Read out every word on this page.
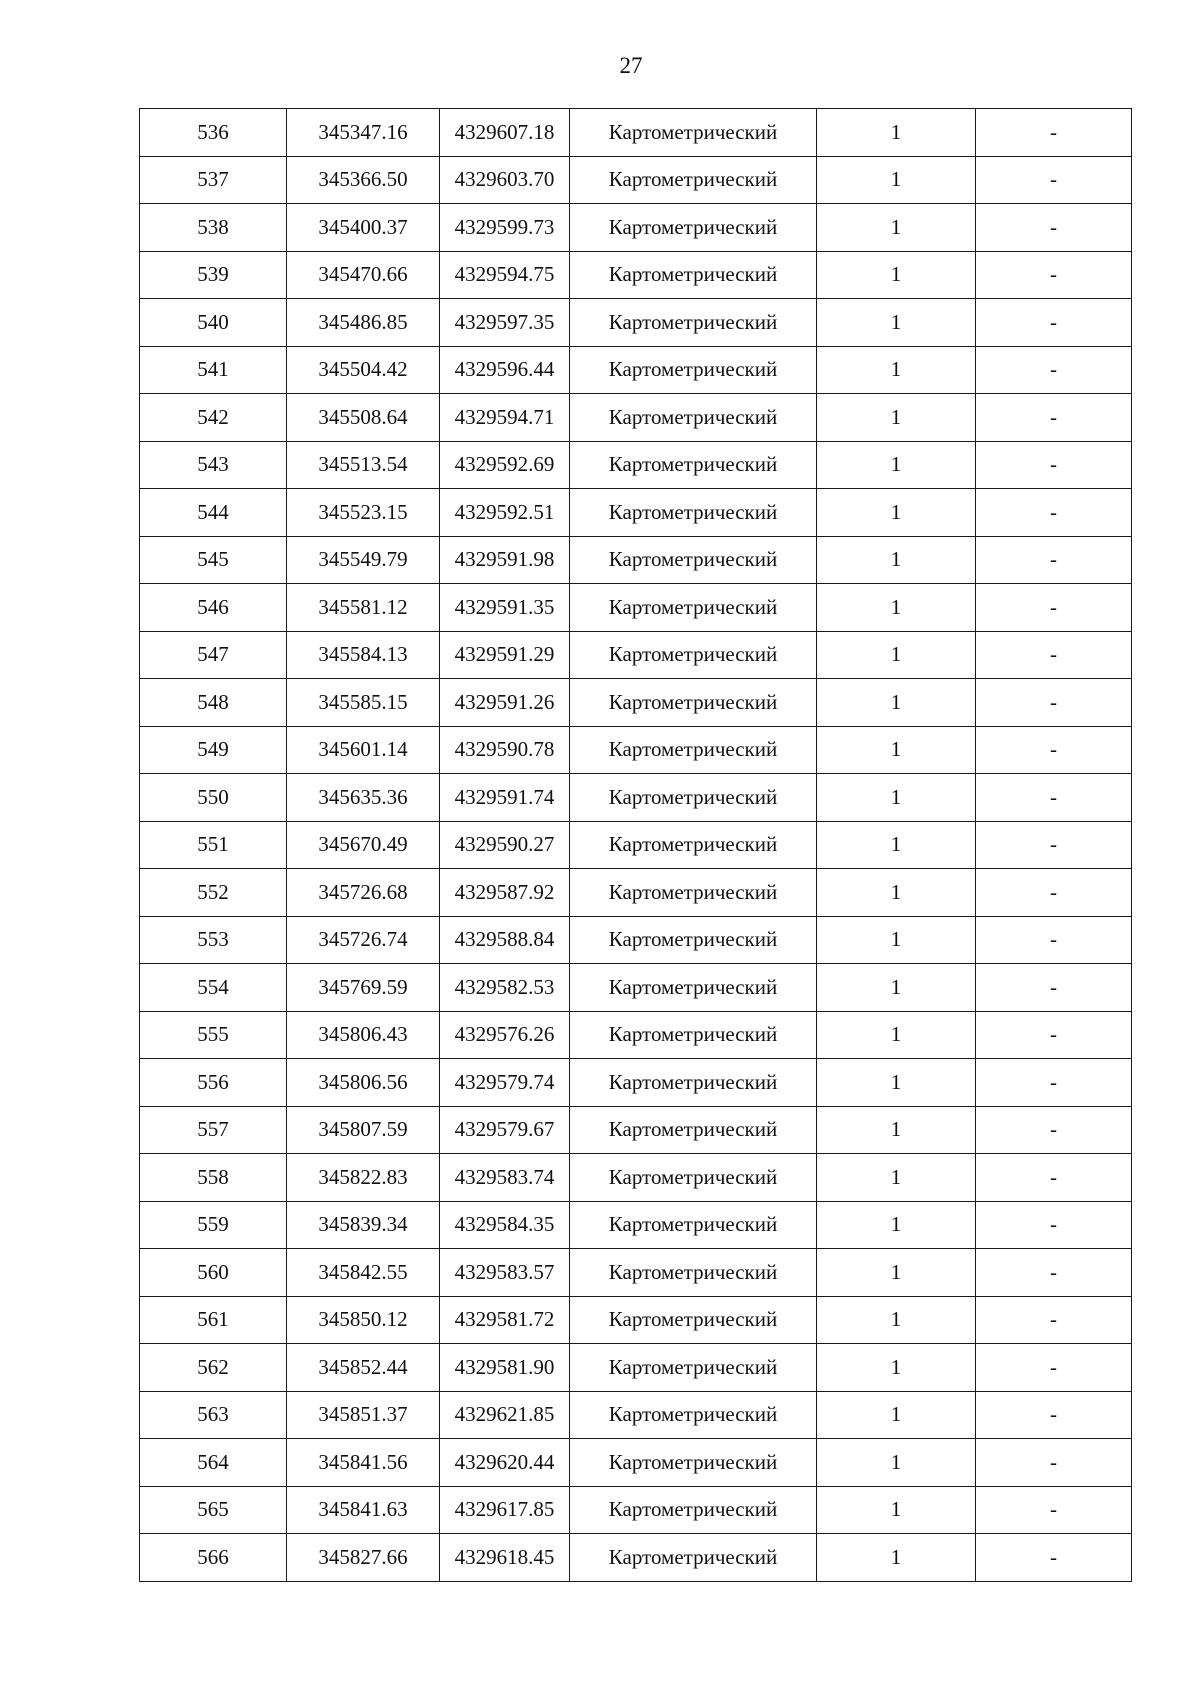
27
536	345347.16	4329607.18	Картометрический	1	-
537	345366.50	4329603.70	Картометрический	1	-
538	345400.37	4329599.73	Картометрический	1	-
539	345470.66	4329594.75	Картометрический	1	-
540	345486.85	4329597.35	Картометрический	1	-
541	345504.42	4329596.44	Картометрический	1	-
542	345508.64	4329594.71	Картометрический	1	-
543	345513.54	4329592.69	Картометрический	1	-
544	345523.15	4329592.51	Картометрический	1	-
545	345549.79	4329591.98	Картометрический	1	-
546	345581.12	4329591.35	Картометрический	1	-
547	345584.13	4329591.29	Картометрический	1	-
548	345585.15	4329591.26	Картометрический	1	-
549	345601.14	4329590.78	Картометрический	1	-
550	345635.36	4329591.74	Картометрический	1	-
551	345670.49	4329590.27	Картометрический	1	-
552	345726.68	4329587.92	Картометрический	1	-
553	345726.74	4329588.84	Картометрический	1	-
554	345769.59	4329582.53	Картометрический	1	-
555	345806.43	4329576.26	Картометрический	1	-
556	345806.56	4329579.74	Картометрический	1	-
557	345807.59	4329579.67	Картометрический	1	-
558	345822.83	4329583.74	Картометрический	1	-
559	345839.34	4329584.35	Картометрический	1	-
560	345842.55	4329583.57	Картометрический	1	-
561	345850.12	4329581.72	Картометрический	1	-
562	345852.44	4329581.90	Картометрический	1	-
563	345851.37	4329621.85	Картометрический	1	-
564	345841.56	4329620.44	Картометрический	1	-
565	345841.63	4329617.85	Картометрический	1	-
566	345827.66	4329618.45	Картометрический	1	-
